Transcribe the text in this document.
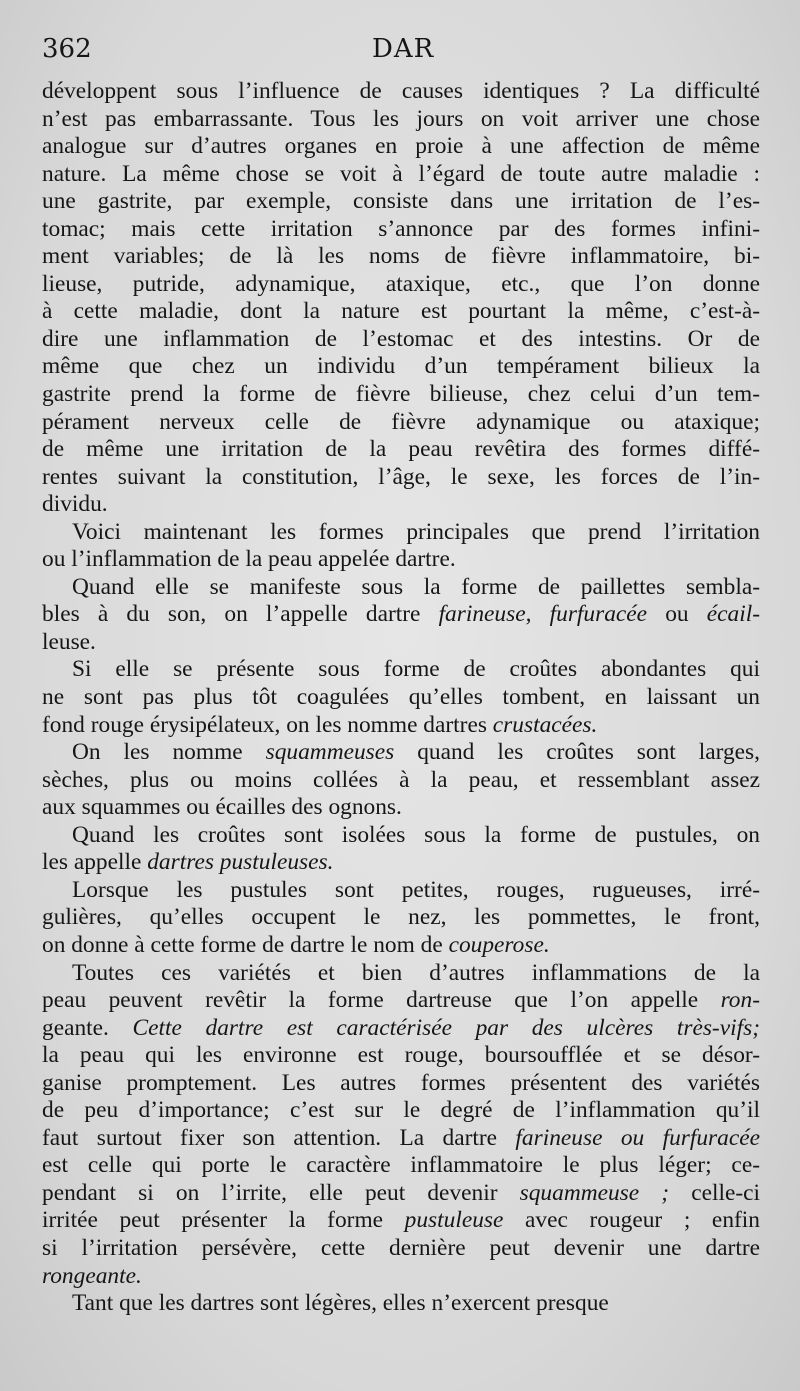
362	DAR
développent sous l’influence de causes identiques ? La difficulté
n’est pas embarrassante. Tous les jours on voit arriver une chose
analogue sur d’autres organes en proie à une affection de même
nature. La même chose se voit à l’égard de toute autre maladie :
une gastrite, par exemple, consiste dans une irritation de l’es-
tomac; mais cette irritation s’annonce par des formes infini-
ment variables; de là les noms de fièvre inflammatoire, bi-
lieuse, putride, adynamique, ataxique, etc., que l’on donne
à cette maladie, dont la nature est pourtant la même, c’est-à-
dire une inflammation de l’estomac et des intestins. Or de
même que chez un individu d’un tempérament bilieux la
gastrite prend la forme de fièvre bilieuse, chez celui d’un tem-
pérament nerveux celle de fièvre adynamique ou ataxique;
de même une irritation de la peau revêtira des formes diffé-
rentes suivant la constitution, l’âge, le sexe, les forces de l’in-
dividu.
Voici maintenant les formes principales que prend l’irritation
ou l’inflammation de la peau appelée dartre.
Quand elle se manifeste sous la forme de paillettes sembla-
bles à du son, on l’appelle dartre farineuse, furfuracée ou écail-
leuse.
Si elle se présente sous forme de croûtes abondantes qui
ne sont pas plus tôt coagulées qu’elles tombent, en laissant un
fond rouge érysipélateux, on les nomme dartres crustacées.
On les nomme squammeuses quand les croûtes sont larges,
sèches, plus ou moins collées à la peau, et ressemblant assez
aux squammes ou écailles des ognons.
Quand les croûtes sont isolées sous la forme de pustules, on
les appelle dartres pustuleuses.
Lorsque les pustules sont petites, rouges, rugueuses, irré-
gulières, qu’elles occupent le nez, les pommettes, le front,
on donne à cette forme de dartre le nom de couperose.
Toutes ces variétés et bien d’autres inflammations de la
peau peuvent revêtir la forme dartreuse que l’on appelle ron-
geante. Cette dartre est caractérisée par des ulcères très-vifs;
la peau qui les environne est rouge, boursoufflée et se désor-
ganise promptement. Les autres formes présentent des variétés
de peu d’importance; c’est sur le degré de l’inflammation qu’il
faut surtout fixer son attention. La dartre farineuse ou furfuracée
est celle qui porte le caractère inflammatoire le plus léger; ce-
pendant si on l’irrite, elle peut devenir squammeuse ; celle-ci
irritée peut présenter la forme pustuleuse avec rougeur ; enfin
si l’irritation persévère, cette dernière peut devenir une dartre
rongeante.
Tant que les dartres sont légères, elles n’exercent presque
